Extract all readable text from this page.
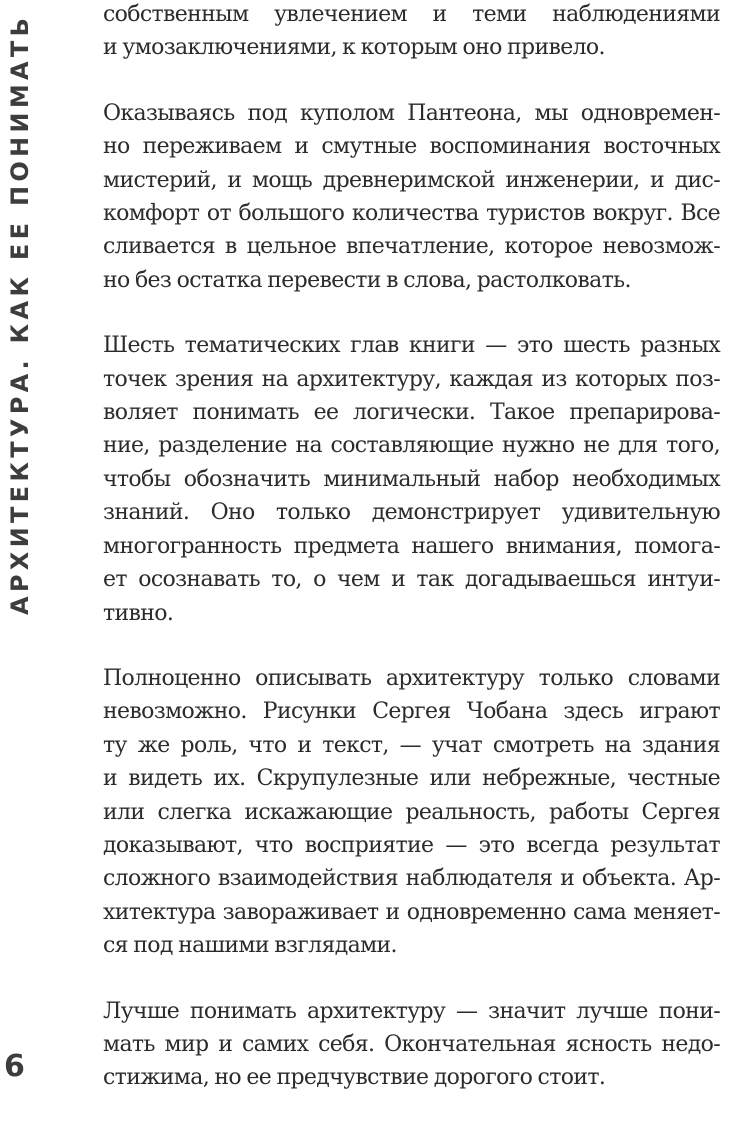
АРХИТЕКТУРА. КАК ЕЕ ПОНИМАТЬ	собственным увлечением и теми наблюдениями
и умозаключениями, к которым оно привело.

Оказываясь под куполом Пантеона, мы одновремен-
но переживаем и смутные воспоминания восточных
мистерий, и мощь древнеримской инженерии, и дис-
комфорт от большого количества туристов вокруг. Все
сливается в цельное впечатление, которое невозмож-
но без остатка перевести в слова, растолковать.

Шесть тематических глав книги — это шесть разных
точек зрения на архитектуру, каждая из которых поз-
воляет понимать ее логически. Такое препарирова-
ние, разделение на составляющие нужно не для того,
чтобы обозначить минимальный набор необходимых
знаний. Оно только демонстрирует удивительную
многогранность предмета нашего внимания, помога-
ет осознавать то, о чем и так догадываешься интуи-
тивно.

Полноценно описывать архитектуру только словами
невозможно. Рисунки Сергея Чобана здесь играют
ту же роль, что и текст, — учат смотреть на здания
и видеть их. Скрупулезные или небрежные, честные
или слегка искажающие реальность, работы Сергея
доказывают, что восприятие — это всегда результат
сложного взаимодействия наблюдателя и объекта. Ар-
хитектура завораживает и одновременно сама меняет-
ся под нашими взглядами.

Лучше понимать архитектуру — значит лучше пони-
мать мир и самих себя. Окончательная ясность недо-
стижима, но ее предчувствие дорогого стоит.

6
